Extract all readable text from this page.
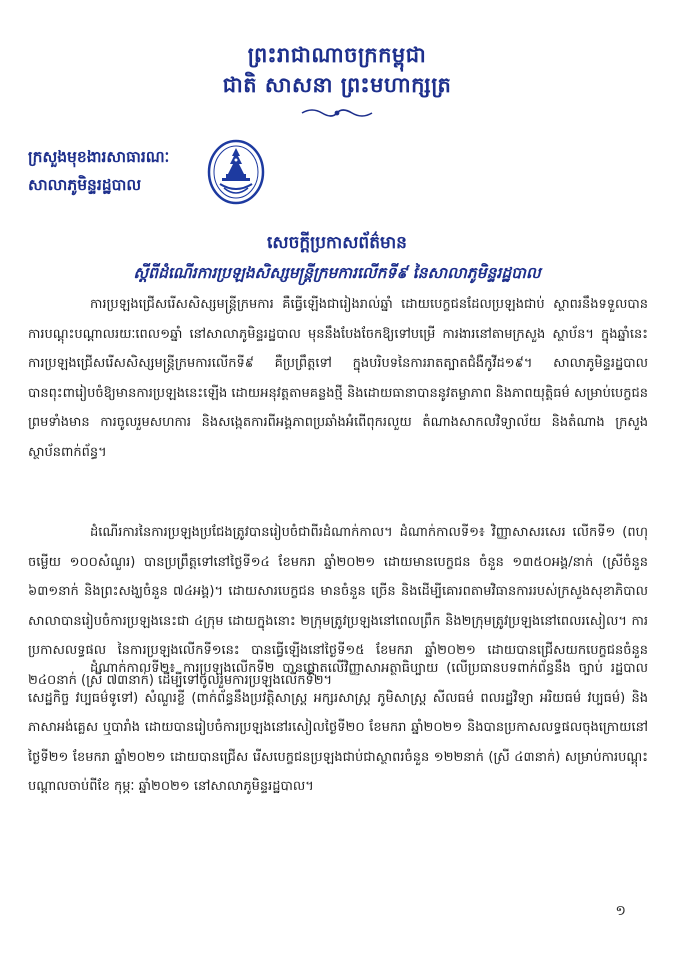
ព្រះរាជាណាចក្រកម្ពុជា
ជាតិ សាសនា ព្រះមហាក្សត្រ
ក្រសួងមុខងារសាធារណៈ
សាលាភូមិន្ទរដ្ឋបាល
សេចក្តីប្រកាសព័ត៌មាន
ស្តីពីដំណើរការប្រឡងសិស្សមន្ត្រីក្រមការលើកទី៩ នៃសាលាភូមិន្ទរដ្ឋបាល

ការប្រឡងជ្រើសរើសសិស្សមន្ត្រីក្រមការ គឺធ្វើឡើងជារៀងរាល់ឆ្នាំ ដោយបេក្ខជនដែលប្រឡងជាប់ ស្ថាពរនឹងទទួលបានការបណ្តុះបណ្តាលរយៈពេល១ឆ្នាំ នៅសាលាភូមិន្ទរដ្ឋបាល មុននឹងបែងចែកឱ្យទៅបម្រើ ការងារនៅតាមក្រសួង ស្ថាប័ន។ ក្នុងឆ្នាំនេះ ការប្រឡងជ្រើសរើសសិស្សមន្ត្រីក្រមការលើកទី៩ គឺប្រព្រឹត្តទៅ ក្នុងបរិបទនៃការរាតត្បាតជំងឺកូវីដ១៩។ សាលាភូមិន្ទរដ្ឋបាល បានពុះពារៀបចំឱ្យមានការប្រឡងនេះឡើង ដោយអនុវត្តតាមគន្លងថ្មី និងដោយធានាបាននូវតម្លាភាព និងភាពយុត្តិធម៌ សម្រាប់បេក្ខជន ព្រមទាំងមាន ការចូលរួមសហការ និងសង្កេតការពីអង្គភាពប្រឆាំងអំពើពុករលួយ តំណាងសាកលវិទ្យាល័យ និងតំណាង ក្រសួង ស្ថាប័នពាក់ព័ន្ធ។

ដំណើរការនៃការប្រឡងប្រជែងត្រូវបានរៀបចំជាពីរដំណាក់កាល។ ដំណាក់កាលទី១៖ វិញ្ញាសាសរសេរ លើកទី១ (ពហុចម្លើយ ១០០សំណួរ) បានប្រព្រឹត្តទៅនៅថ្ងៃទី១៤ ខែមករា ឆ្នាំ២០២១ ដោយមានបេក្ខជន ចំនួន ១៣៥០អង្គ/នាក់ (ស្រីចំនួន ៦៣១នាក់ និងព្រះសង្ឃចំនួន ៧៤អង្គ)។ ដោយសារបេក្ខជន មានចំនួន ច្រើន និងដើម្បីគោរពតាមវិធានការរបស់ក្រសួងសុខាភិបាល សាលាបានរៀបចំការប្រឡងនេះជា ៤ក្រុម ដោយក្នុងនោះ ២ក្រុមត្រូវប្រឡងនៅពេលព្រឹក និង២ក្រុមត្រូវប្រឡងនៅពេលរសៀល។ ការប្រកាសលទ្ធផល នៃការប្រឡងលើកទី១នេះ បានធ្វើឡើងនៅថ្ងៃទី១៥ ខែមករា ឆ្នាំ២០២១ ដោយបានជ្រើសយកបេក្ខជនចំនួន ២៤០នាក់ (ស្រី ៧៣នាក់) ដើម្បីទៅចូលរួមការប្រឡងលើកទី២។

ដំណាក់កាលទី២៖ ការប្រឡងលើកទី២ បានផ្តោតលើវិញ្ញាសាអត្ថាធិប្បាយ (លើប្រធានបទពាក់ព័ន្ធនឹង ច្បាប់ រដ្ឋបាល សេដ្ឋកិច្ច វប្បធម៌ទូទៅ) សំណួរខ្លី (ពាក់ព័ន្ធនឹងប្រវត្តិសាស្ត្រ អក្សរសាស្ត្រ ភូមិសាស្ត្រ សីលធម៌ ពលរដ្ឋវិទ្យា អរិយធម៌ វប្បធម៌) និង ភាសាអង់គ្លេស ឬបារាំង ដោយបានរៀបចំការប្រឡងនៅរសៀលថ្ងៃទី២០ ខែមករា ឆ្នាំ២០២១ និងបានប្រកាសលទ្ធផលចុងក្រោយនៅថ្ងៃទី២១ ខែមករា ឆ្នាំ២០២១ ដោយបានជ្រើស រើសបេក្ខជនប្រឡងជាប់ជាស្ថាពរចំនួន ១២២នាក់ (ស្រី ៤៣នាក់) សម្រាប់ការបណ្តុះបណ្តាលចាប់ពីខែ កុម្ភៈ ឆ្នាំ២០២១ នៅសាលាភូមិន្ទរដ្ឋបាល។

១
